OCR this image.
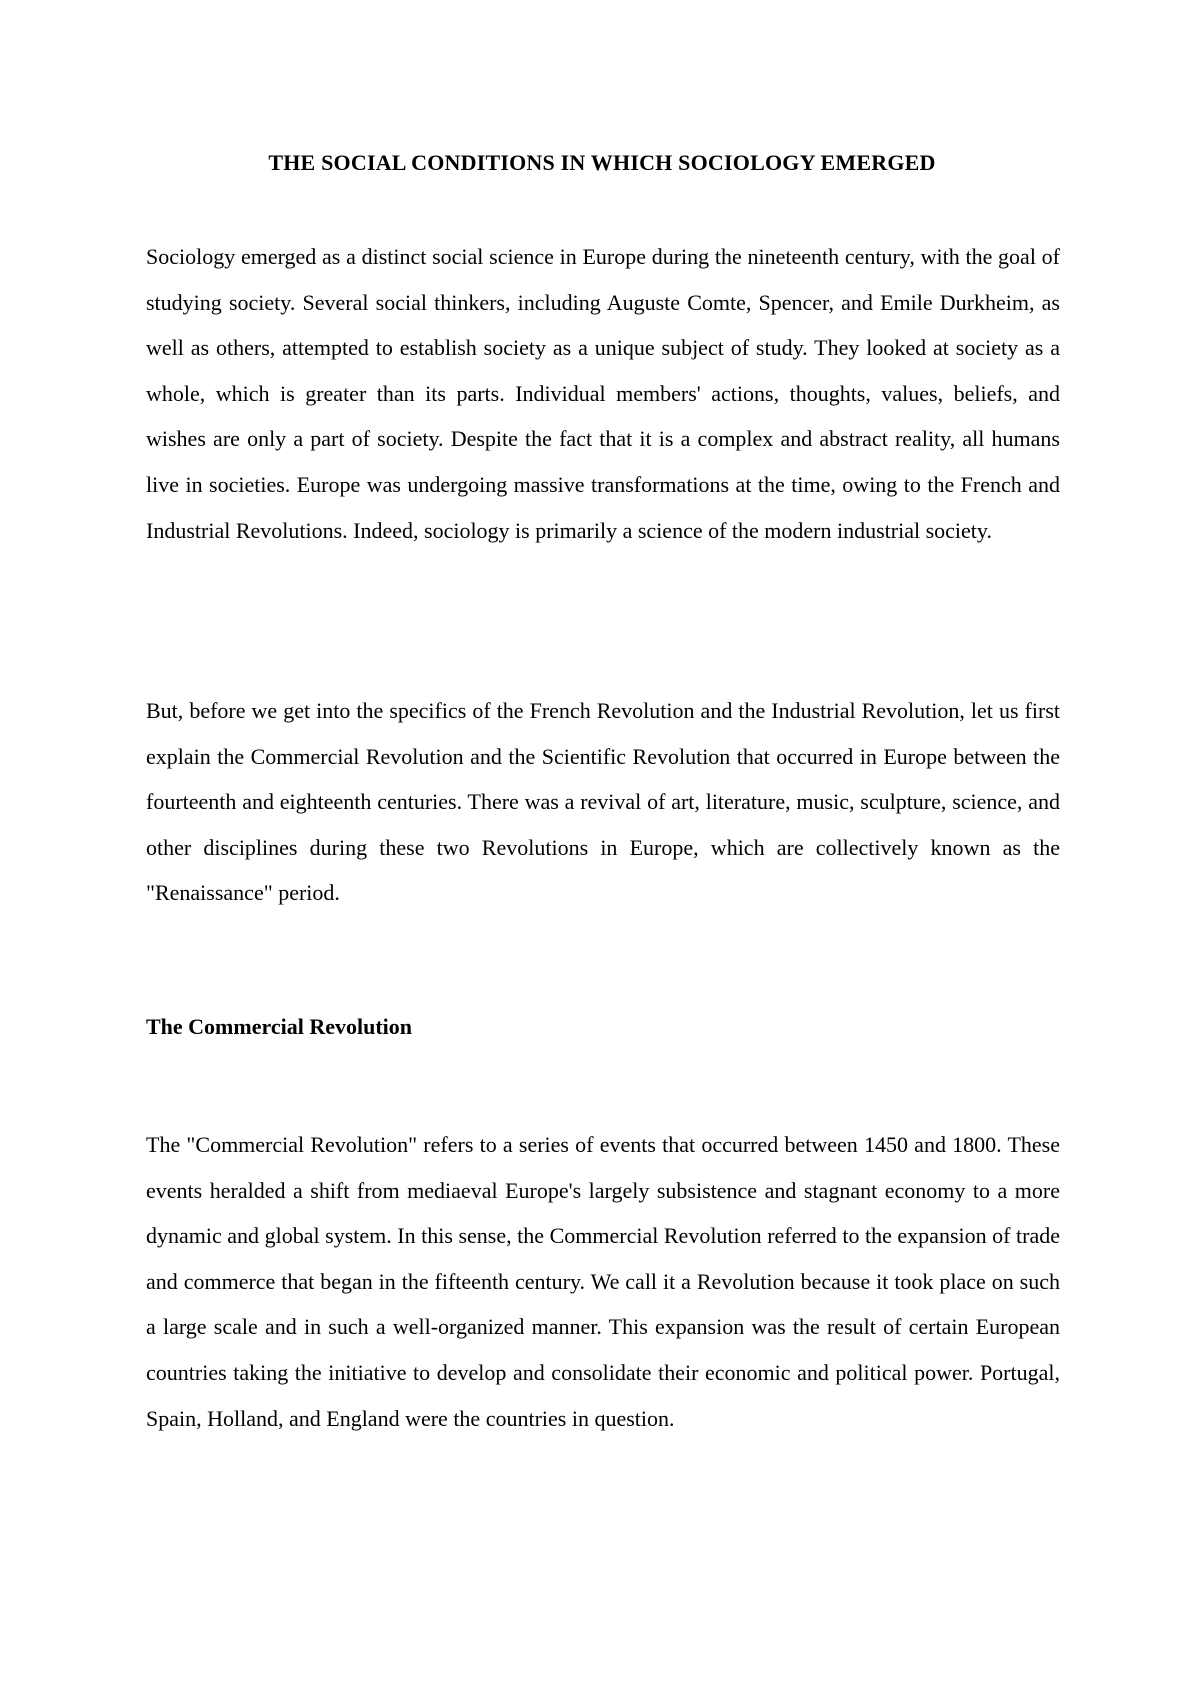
THE SOCIAL CONDITIONS IN WHICH SOCIOLOGY EMERGED

Sociology emerged as a distinct social science in Europe during the nineteenth century, with the goal of studying society. Several social thinkers, including Auguste Comte, Spencer, and Emile Durkheim, as well as others, attempted to establish society as a unique subject of study. They looked at society as a whole, which is greater than its parts. Individual members' actions, thoughts, values, beliefs, and wishes are only a part of society. Despite the fact that it is a complex and abstract reality, all humans live in societies. Europe was undergoing massive transformations at the time, owing to the French and Industrial Revolutions. Indeed, sociology is primarily a science of the modern industrial society.

But, before we get into the specifics of the French Revolution and the Industrial Revolution, let us first explain the Commercial Revolution and the Scientific Revolution that occurred in Europe between the fourteenth and eighteenth centuries. There was a revival of art, literature, music, sculpture, science, and other disciplines during these two Revolutions in Europe, which are collectively known as the "Renaissance" period.

The Commercial Revolution

The "Commercial Revolution" refers to a series of events that occurred between 1450 and 1800. These events heralded a shift from mediaeval Europe's largely subsistence and stagnant economy to a more dynamic and global system. In this sense, the Commercial Revolution referred to the expansion of trade and commerce that began in the fifteenth century. We call it a Revolution because it took place on such a large scale and in such a well-organized manner. This expansion was the result of certain European countries taking the initiative to develop and consolidate their economic and political power. Portugal, Spain, Holland, and England were the countries in question.
